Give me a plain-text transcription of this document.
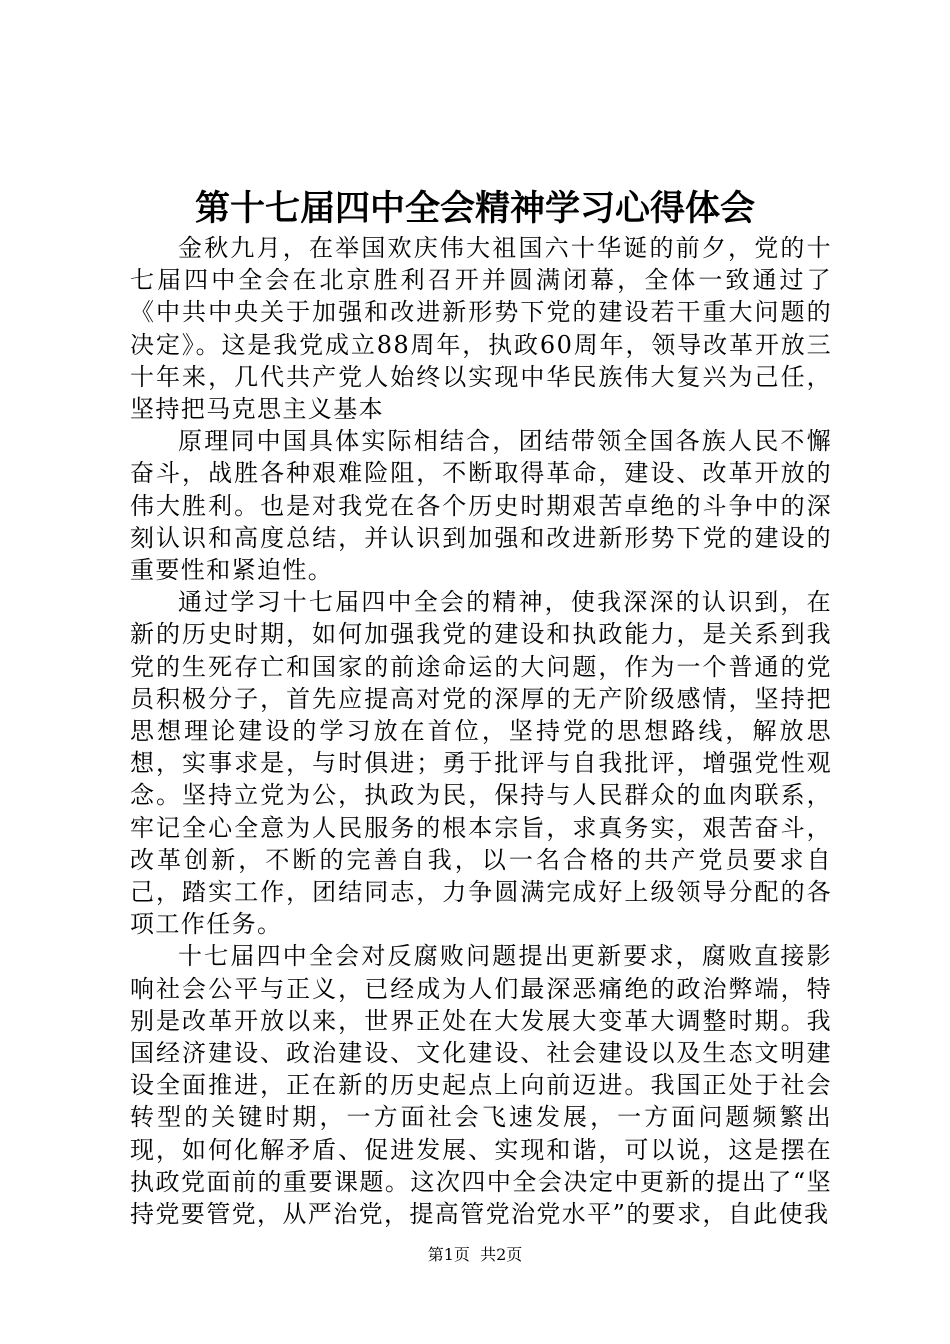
第十七届四中全会精神学习心得体会

金秋九月，在举国欢庆伟大祖国六十华诞的前夕，党的十七届四中全会在北京胜利召开并圆满闭幕，全体一致通过了《中共中央关于加强和改进新形势下党的建设若干重大问题的决定》。这是我党成立88周年，执政60周年，领导改革开放三十年来，几代共产党人始终以实现中华民族伟大复兴为己任，坚持把马克思主义基本

原理同中国具体实际相结合，团结带领全国各族人民不懈奋斗，战胜各种艰难险阻，不断取得革命，建设、改革开放的伟大胜利。也是对我党在各个历史时期艰苦卓绝的斗争中的深刻认识和高度总结，并认识到加强和改进新形势下党的建设的重要性和紧迫性。

通过学习十七届四中全会的精神，使我深深的认识到，在新的历史时期，如何加强我党的建设和执政能力，是关系到我党的生死存亡和国家的前途命运的大问题，作为一个普通的党员积极分子，首先应提高对党的深厚的无产阶级感情，坚持把思想理论建设的学习放在首位，坚持党的思想路线，解放思想，实事求是，与时俱进；勇于批评与自我批评，增强党性观念。坚持立党为公，执政为民，保持与人民群众的血肉联系，牢记全心全意为人民服务的根本宗旨，求真务实，艰苦奋斗，改革创新，不断的完善自我，以一名合格的共产党员要求自己，踏实工作，团结同志，力争圆满完成好上级领导分配的各项工作任务。

十七届四中全会对反腐败问题提出更新要求，腐败直接影响社会公平与正义，已经成为人们最深恶痛绝的政治弊端，特别是改革开放以来，世界正处在大发展大变革大调整时期。我国经济建设、政治建设、文化建设、社会建设以及生态文明建设全面推进，正在新的历史起点上向前迈进。我国正处于社会转型的关键时期，一方面社会飞速发展，一方面问题频繁出现，如何化解矛盾、促进发展、实现和谐，可以说，这是摆在执政党面前的重要课题。这次四中全会决定中更新的提出了“坚持党要管党，从严治党，提高管党治党水平”的要求，自此使我

第1页 共2页
